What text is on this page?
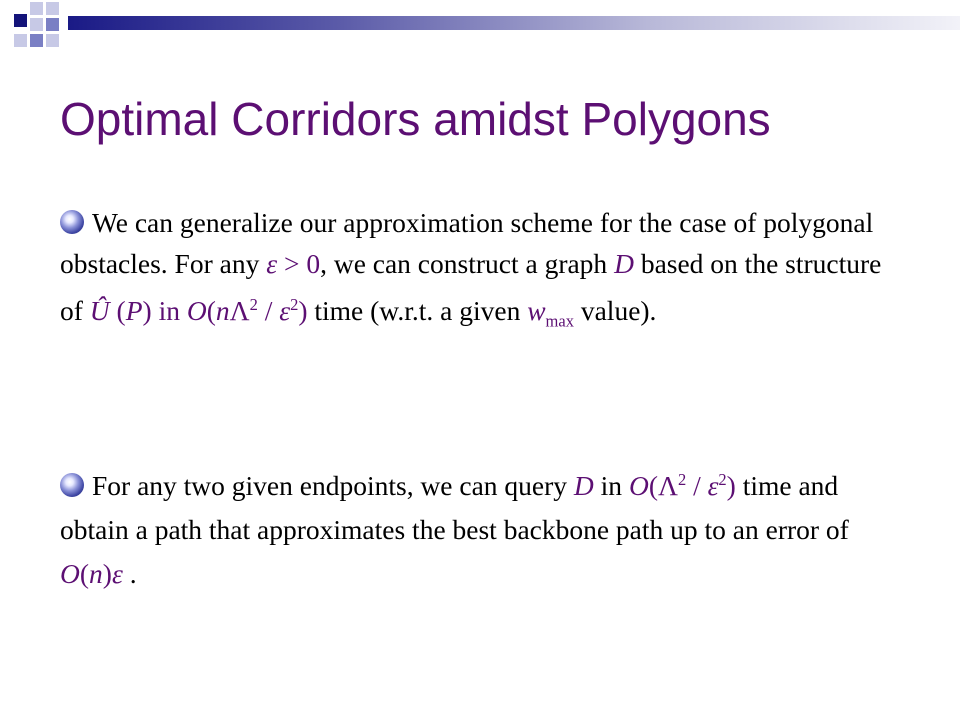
Optimal Corridors amidst Polygons
We can generalize our approximation scheme for the case of polygonal obstacles. For any ε > 0, we can construct a graph D based on the structure of Û (P) in $O(n\Lambda^2 / \varepsilon^2)$ time (w.r.t. a given $w_{max}$ value).
For any two given endpoints, we can query D in $O(\Lambda^2 / \varepsilon^2)$ time and obtain a path that approximates the best backbone path up to an error of O(n)ε .
